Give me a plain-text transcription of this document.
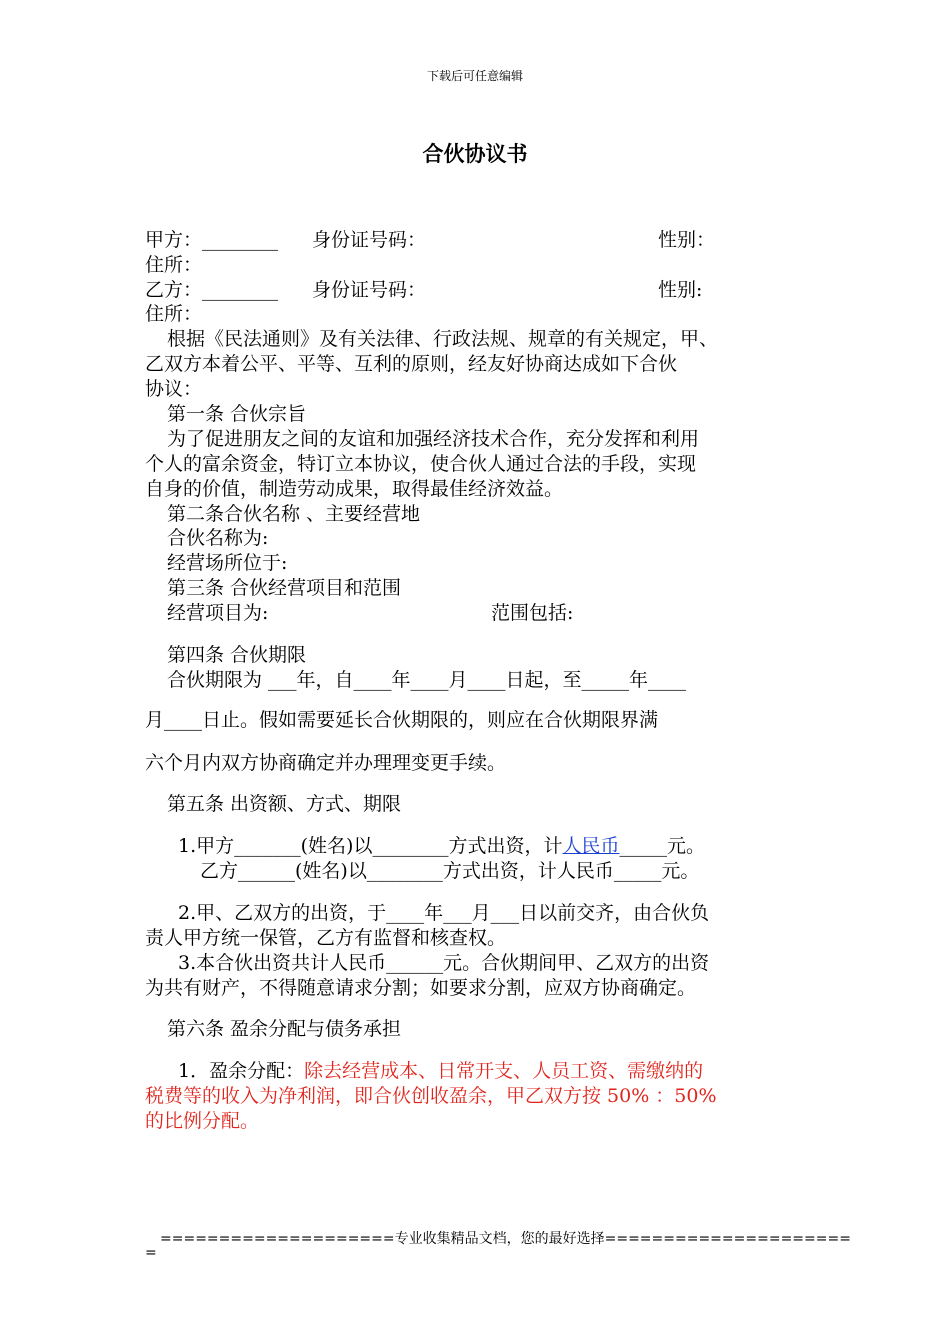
下载后可任意编辑
合伙协议书
甲方：________ 身份证号码：	性别：
住所：
乙方：________ 身份证号码：	性别:
住所：
根据《民法通则》及有关法律、行政法规、规章的有关规定，甲、
乙双方本着公平、平等、互利的原则，经友好协商达成如下合伙
协议：
第一条 合伙宗旨
为了促进朋友之间的友谊和加强经济技术合作，充分发挥和利用
个人的富余资金，特订立本协议，使合伙人通过合法的手段，实现
自身的价值，制造劳动成果，取得最佳经济效益。
第二条合伙名称 、主要经营地
合伙名称为:
经营场所位于:
第三条 合伙经营项目和范围
经营项目为:	范围包括:
第四条 合伙期限
合伙期限为 ___年，自____年____月____日起，至_____年____
月____日止。假如需要延长合伙期限的，则应在合伙期限界满
六个月内双方协商确定并办理理变更手续。
第五条 出资额、方式、期限
1.甲方_______(姓名)以________方式出资，计人民币_____元。
乙方______(姓名)以________方式出资，计人民币_____元。
2.甲、乙双方的出资，于____年___月___日以前交齐，由合伙负
责人甲方统一保管，乙方有监督和核查权。
3.本合伙出资共计人民币______元。合伙期间甲、乙双方的出资
为共有财产，不得随意请求分割；如要求分割，应双方协商确定。
第六条 盈余分配与债务承担
1．盈余分配：除去经营成本、日常开支、人员工资、需缴纳的
税费等的收入为净利润，即合伙创收盈余，甲乙双方按 50% ：50%
的比例分配。
====================专业收集精品文档，您的最好选择=====================
=
